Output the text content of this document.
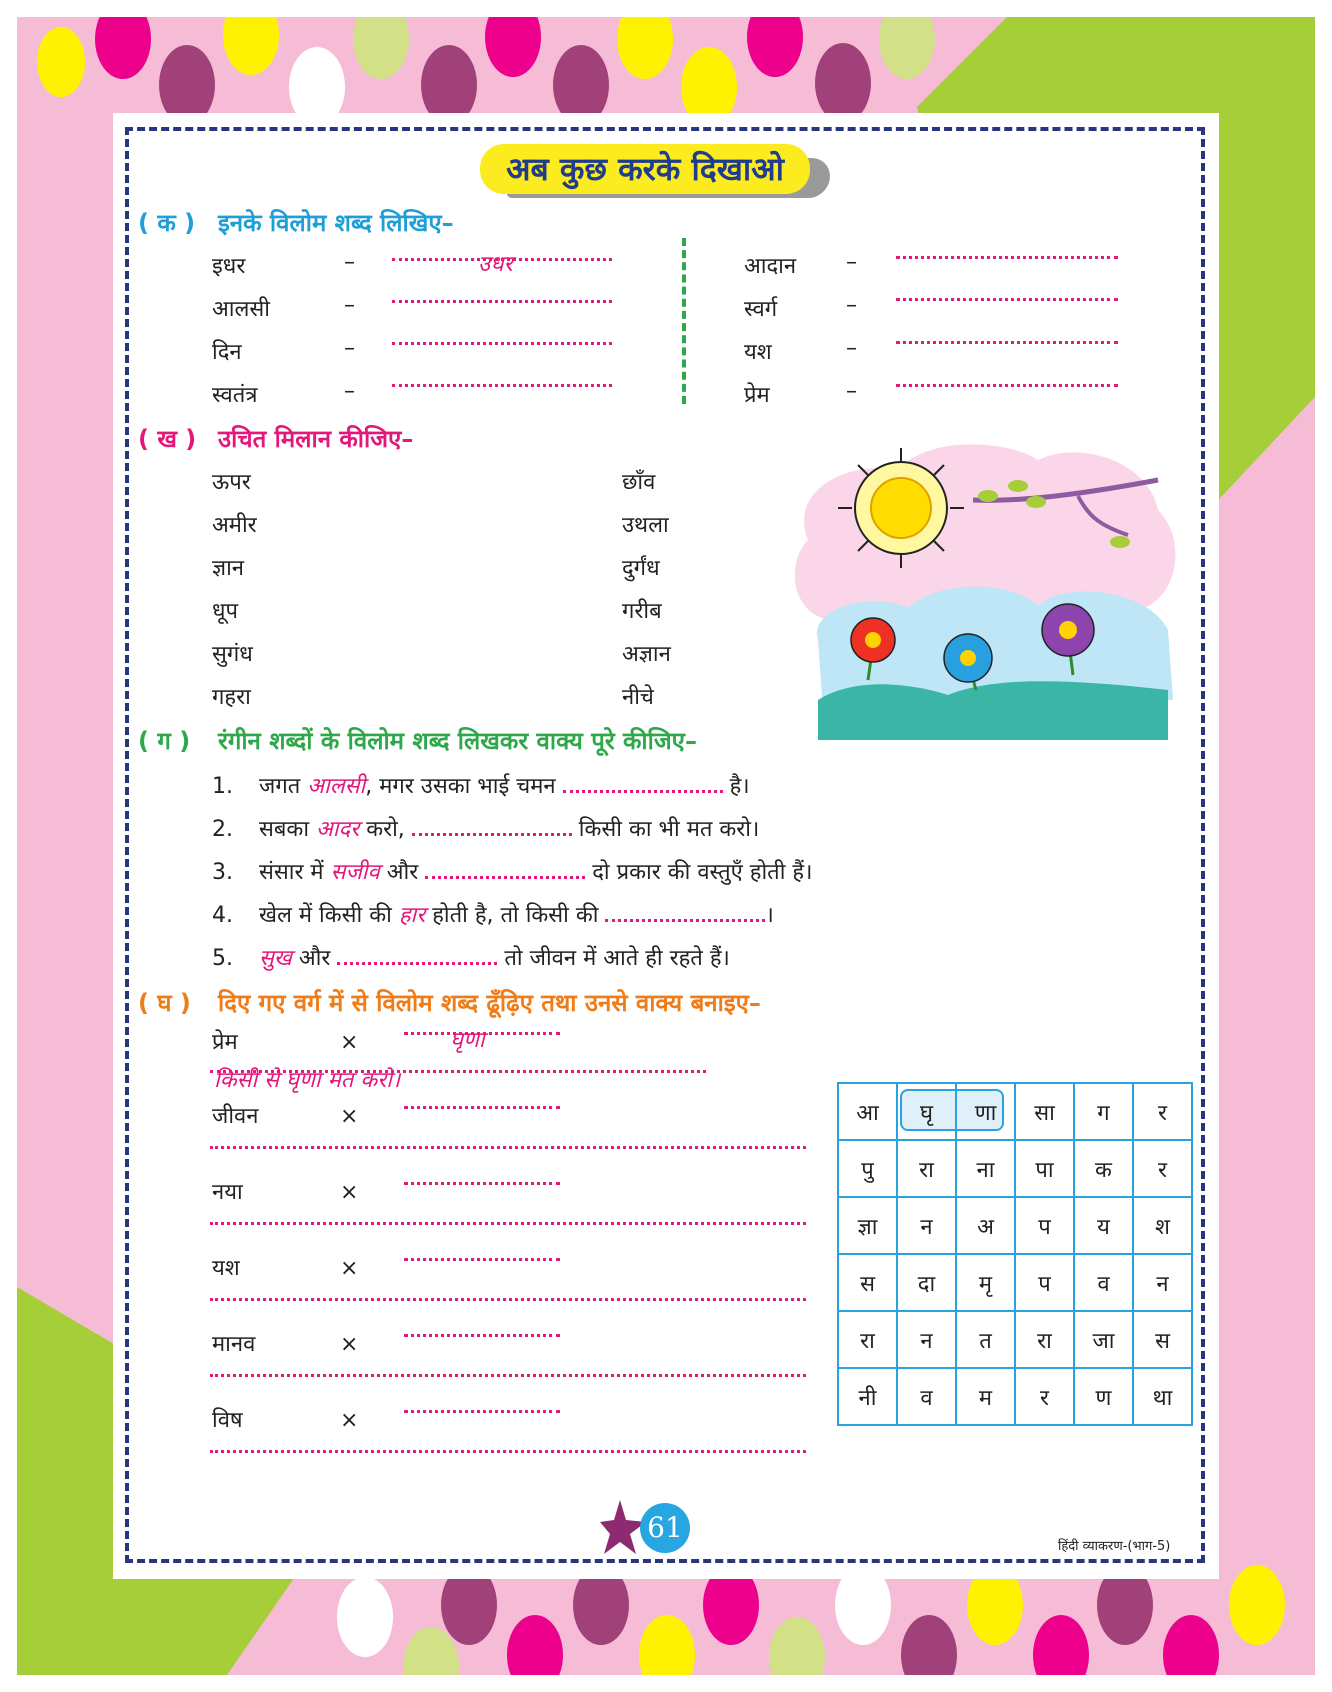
अब कुछ करके दिखाओ
( क ) इनके विलोम शब्द लिखिए–
इधर	–	उधर
आलसी	–
दिन	–
स्वतंत्र	–
आदान –
स्वर्ग	–
यश	–
प्रेम	–
( ख ) उचित मिलान कीजिए–
ऊपर
अमीर
ज्ञान
धूप
सुगंध
गहरा
छाँव
उथला
दुर्गंध
गरीब
अज्ञान
नीचे
( ग ) रंगीन शब्दों के विलोम शब्द लिखकर वाक्य पूरे कीजिए–
1. जगत आलसी, मगर उसका भाई चमन	है।
2. सबका आदर करो,	किसी का भी मत करो।
3. संसार में सजीव और	दो प्रकार की वस्तुएँ होती हैं।
4. खेल में किसी की हार होती है, तो किसी की	।
5. सुख और	तो जीवन में आते ही रहते हैं।
( घ ) दिए गए वर्ग में से विलोम शब्द ढूँढ़िए तथा उनसे वाक्य बनाइए–
प्रेम	×	घृणा
किसी से घृणा मत करो।
जीवन	×
नया	×
यश	×
मानव	×
विष	×
आ	घृ	णा	सा	ग	र
पु	रा	ना	पा	क	र
ज्ञा	न	अ	प	य	श
स	दा	मृ	प	व	न
रा	न	त	रा	जा	स
नी	व	म	र	ण	था
61
हिंदी व्याकरण-(भाग-5)
